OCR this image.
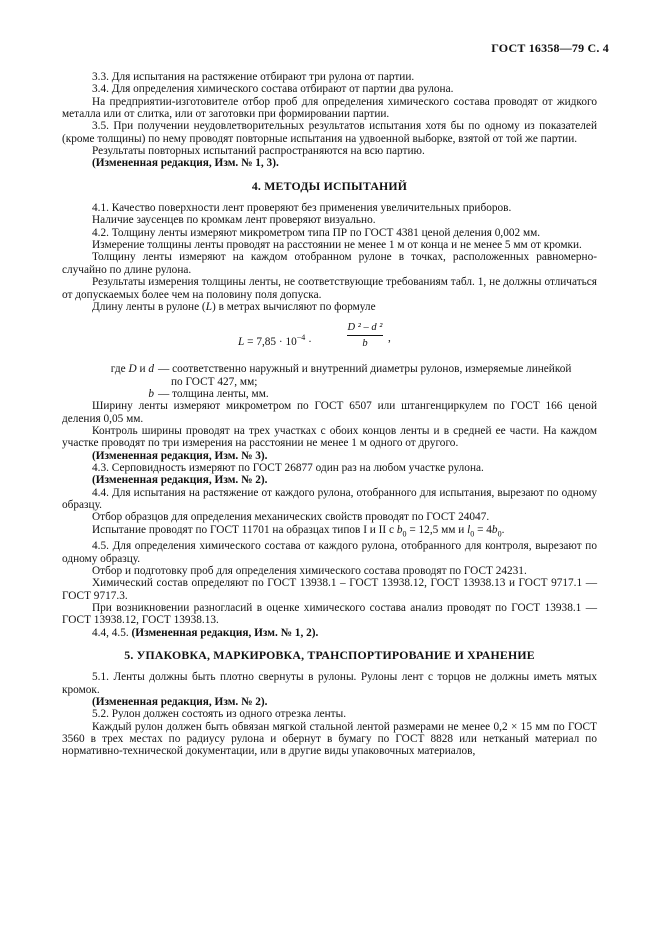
ГОСТ 16358—79 С. 4

3.3. Для испытания на растяжение отбирают три рулона от партии.

3.4. Для определения химического состава отбирают от партии два рулона.

На предприятии-изготовителе отбор проб для определения химического состава проводят от жидкого металла или от слитка, или от заготовки при формировании партии.

3.5. При получении неудовлетворительных результатов испытания хотя бы по одному из показателей (кроме толщины) по нему проводят повторные испытания на удвоенной выборке, взятой от той же партии.

Результаты повторных испытаний распространяются на всю партию.

(Измененная редакция, Изм. № 1, 3).

4. МЕТОДЫ ИСПЫТАНИЙ

4.1. Качество поверхности лент проверяют без применения увеличительных приборов.

Наличие заусенцев по кромкам лент проверяют визуально.

4.2. Толщину ленты измеряют микрометром типа ПР по ГОСТ 4381 ценой деления 0,002 мм.

Измерение толщины ленты проводят на расстоянии не менее 1 м от конца и не менее 5 мм от кромки.

Толщину ленты измеряют на каждом отобранном рулоне в точках, расположенных равномерно-случайно по длине рулона.

Результаты измерения толщины ленты, не соответствующие требованиям табл. 1, не должны отличаться от допускаемых более чем на половину поля допуска.

Длину ленты в рулоне (L) в метрах вычисляют по формуле

$L = 7,85 \cdot 10^{-4}$ ·
D ² – d ²
b	,
где D и d — соответственно наружный и внутренний диаметры рулонов, измеряемые линейкой
по ГОСТ 427, мм;
b — толщина ленты, мм.

Ширину ленты измеряют микрометром по ГОСТ 6507 или штангенциркулем по ГОСТ 166 ценой деления 0,05 мм.

Контроль ширины проводят на трех участках с обоих концов ленты и в средней ее части. На каждом участке проводят по три измерения на расстоянии не менее 1 м одного от другого.

(Измененная редакция, Изм. № 3).

4.3. Серповидность измеряют по ГОСТ 26877 один раз на любом участке рулона.

(Измененная редакция, Изм. № 2).

4.4. Для испытания на растяжение от каждого рулона, отобранного для испытания, вырезают по одному образцу.

Отбор образцов для определения механических свойств проводят по ГОСТ 24047.

Испытание проводят по ГОСТ 11701 на образцах типов I и II с $b_0 = 12,5$ мм и $l_0 = 4b_0$.

4.5. Для определения химического состава от каждого рулона, отобранного для контроля, вырезают по одному образцу.

Отбор и подготовку проб для определения химического состава проводят по ГОСТ 24231.

Химический состав определяют по ГОСТ 13938.1 – ГОСТ 13938.12, ГОСТ 13938.13 и ГОСТ 9717.1 — ГОСТ 9717.3.

При возникновении разногласий в оценке химического состава анализ проводят по ГОСТ 13938.1 — ГОСТ 13938.12, ГОСТ 13938.13.

4.4, 4.5. (Измененная редакция, Изм. № 1, 2).

5. УПАКОВКА, МАРКИРОВКА, ТРАНСПОРТИРОВАНИЕ И ХРАНЕНИЕ

5.1. Ленты должны быть плотно свернуты в рулоны. Рулоны лент с торцов не должны иметь мятых кромок.

(Измененная редакция, Изм. № 2).

5.2. Рулон должен состоять из одного отрезка ленты.

Каждый рулон должен быть обвязан мягкой стальной лентой размерами не менее 0,2 × 15 мм по ГОСТ 3560 в трех местах по радиусу рулона и обернут в бумагу по ГОСТ 8828 или нетканый материал по нормативно-технической документации, или в другие виды упаковочных материалов,
